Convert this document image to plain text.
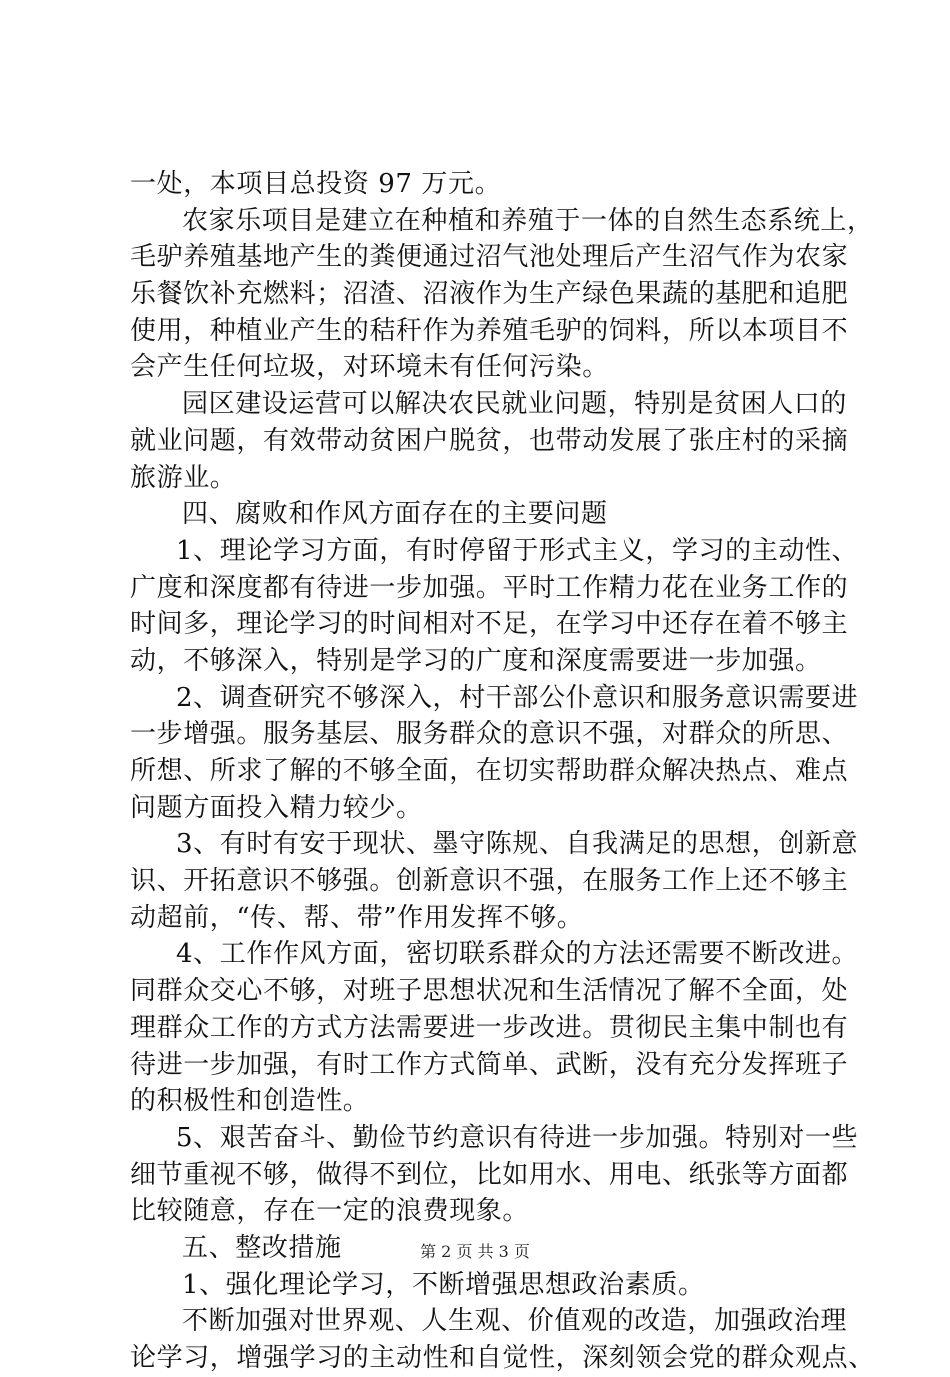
一处，本项目总投资 97 万元。
农家乐项目是建立在种植和养殖于一体的自然生态系统上，
毛驴养殖基地产生的粪便通过沼气池处理后产生沼气作为农家
乐餐饮补充燃料；沼渣、沼液作为生产绿色果蔬的基肥和追肥
使用，种植业产生的秸秆作为养殖毛驴的饲料，所以本项目不
会产生任何垃圾，对环境未有任何污染。
园区建设运营可以解决农民就业问题，特别是贫困人口的
就业问题，有效带动贫困户脱贫，也带动发展了张庄村的采摘
旅游业。
四、腐败和作风方面存在的主要问题
1、理论学习方面，有时停留于形式主义，学习的主动性、
广度和深度都有待进一步加强。平时工作精力花在业务工作的
时间多，理论学习的时间相对不足，在学习中还存在着不够主
动，不够深入，特别是学习的广度和深度需要进一步加强。
2、调查研究不够深入，村干部公仆意识和服务意识需要进
一步增强。服务基层、服务群众的意识不强，对群众的所思、
所想、所求了解的不够全面，在切实帮助群众解决热点、难点
问题方面投入精力较少。
3、有时有安于现状、墨守陈规、自我满足的思想，创新意
识、开拓意识不够强。创新意识不强，在服务工作上还不够主
动超前，“传、帮、带”作用发挥不够。
4、工作作风方面，密切联系群众的方法还需要不断改进。
同群众交心不够，对班子思想状况和生活情况了解不全面，处
理群众工作的方式方法需要进一步改进。贯彻民主集中制也有
待进一步加强，有时工作方式简单、武断，没有充分发挥班子
的积极性和创造性。
5、艰苦奋斗、勤俭节约意识有待进一步加强。特别对一些
细节重视不够，做得不到位，比如用水、用电、纸张等方面都
比较随意，存在一定的浪费现象。
五、整改措施
1、强化理论学习，不断增强思想政治素质。
不断加强对世界观、人生观、价值观的改造，加强政治理
论学习，增强学习的主动性和自觉性，深刻领会党的群众观点、
第 2 页 共 3 页
